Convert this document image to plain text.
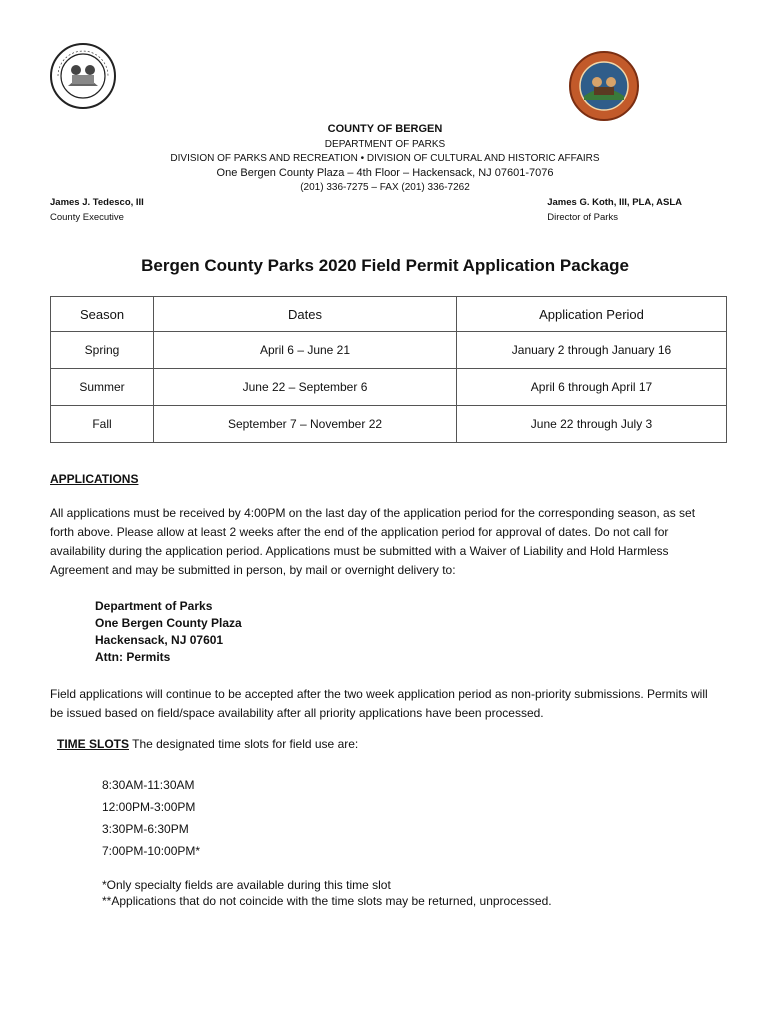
COUNTY OF BERGEN
DEPARTMENT OF PARKS
DIVISION OF PARKS AND RECREATION • DIVISION OF CULTURAL AND HISTORIC AFFAIRS
One Bergen County Plaza – 4th Floor – Hackensack, NJ 07601-7076
(201) 336-7275 – FAX (201) 336-7262
James J. Tedesco, III
County Executive
James G. Koth, III, PLA, ASLA
Director of Parks
Bergen County Parks 2020 Field Permit Application Package
Season	Dates	Application Period
Spring	April 6 – June 21	January 2 through January 16
Summer	June 22 – September 6	April 6 through April 17
Fall	September 7 – November 22	June 22 through July 3
APPLICATIONS
All applications must be received by 4:00PM on the last day of the application period for the corresponding season, as set forth above. Please allow at least 2 weeks after the end of the application period for approval of dates. Do not call for availability during the application period. Applications must be submitted with a Waiver of Liability and Hold Harmless Agreement and may be submitted in person, by mail or overnight delivery to:
Department of Parks
One Bergen County Plaza
Hackensack, NJ 07601
Attn: Permits
Field applications will continue to be accepted after the two week application period as non-priority submissions. Permits will be issued based on field/space availability after all priority applications have been processed.
TIME SLOTS The designated time slots for field use are:
8:30AM-11:30AM
12:00PM-3:00PM
3:30PM-6:30PM
7:00PM-10:00PM*
*Only specialty fields are available during this time slot
**Applications that do not coincide with the time slots may be returned, unprocessed.
